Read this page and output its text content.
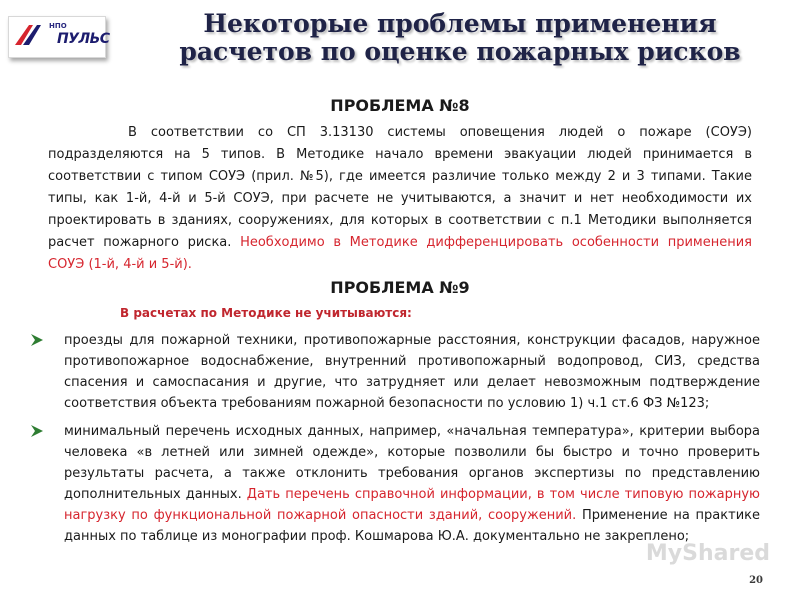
НПО
ПУЛЬС
Некоторые проблемы применения расчетов по оценке пожарных рисков
ПРОБЛЕМА №8
В соответствии со СП 3.13130 системы оповещения людей о пожаре (СОУЭ) подразделяются на 5 типов. В Методике начало времени эвакуации людей принимается в соответствии с типом СОУЭ (прил. №5), где имеется различие только между 2 и 3 типами. Такие типы, как 1-й, 4-й и 5-й СОУЭ, при расчете не учитываются, а значит и нет необходимости их проектировать в зданиях, сооружениях, для которых в соответствии с п.1 Методики выполняется расчет пожарного риска. Необходимо в Методике дифференцировать особенности применения СОУЭ (1-й, 4-й и 5-й).
ПРОБЛЕМА №9
В расчетах по Методике не учитываются:
проезды для пожарной техники, противопожарные расстояния, конструкции фасадов, наружное противопожарное водоснабжение, внутренний противопожарный водопровод, СИЗ, средства спасения и самоспасания и другие, что затрудняет или делает невозможным подтверждение соответствия объекта требованиям пожарной безопасности по условию 1) ч.1 ст.6 ФЗ №123;
минимальный перечень исходных данных, например, «начальная температура», критерии выбора человека «в летней или зимней одежде», которые позволили бы быстро и точно проверить результаты расчета, а также отклонить требования органов экспертизы по представлению дополнительных данных. Дать перечень справочной информации, в том числе типовую пожарную нагрузку по функциональной пожарной опасности зданий, сооружений. Применение на практике данных по таблице из монографии проф. Кошмарова Ю.А. документально не закреплено;
MyShared
20
